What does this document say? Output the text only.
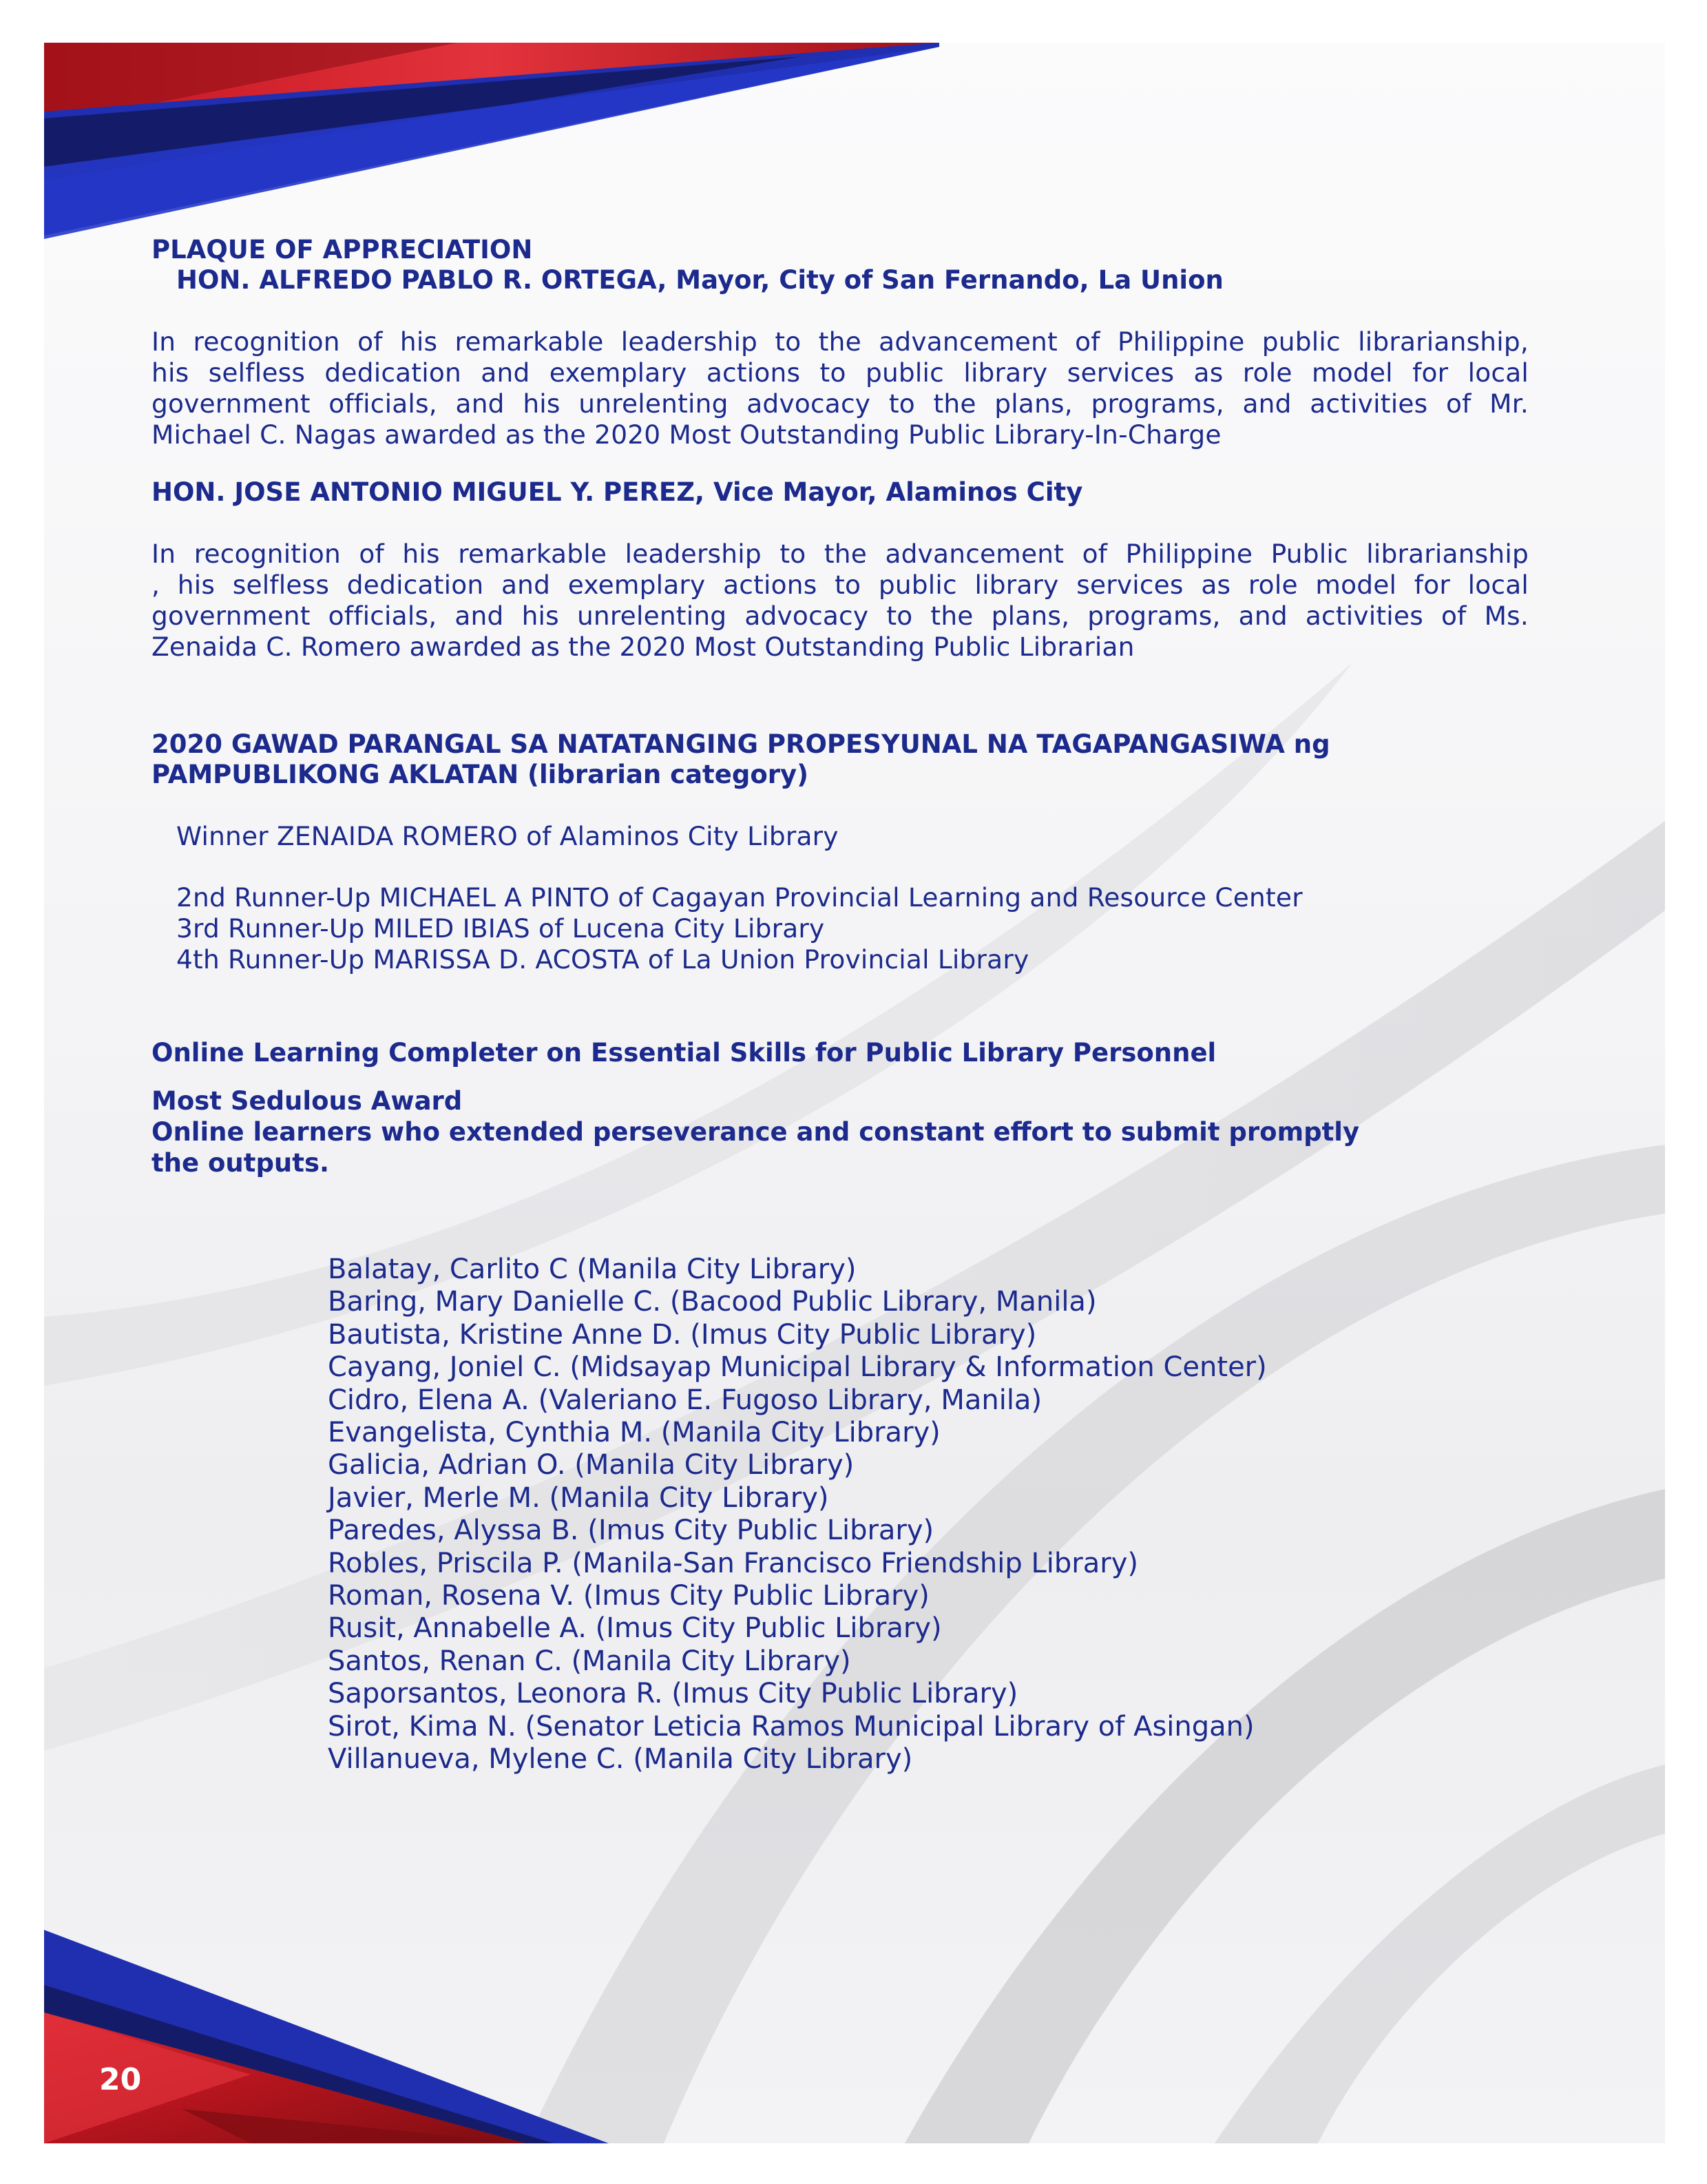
PLAQUE OF APPRECIATION

HON. ALFREDO PABLO R. ORTEGA, Mayor, City of San Fernando, La Union

In recognition of his remarkable leadership to the advancement of Philippine public librarianship,
his selfless dedication and exemplary actions to public library services as role model for local
government officials, and his unrelenting advocacy to the plans, programs, and activities of Mr.
Michael C. Nagas awarded as the 2020 Most Outstanding Public Library-In-Charge

HON. JOSE ANTONIO MIGUEL Y. PEREZ, Vice Mayor, Alaminos City

In recognition of his remarkable leadership to the advancement of Philippine Public librarianship
, his selfless dedication and exemplary actions to public library services as role model for local
government officials, and his unrelenting advocacy to the plans, programs, and activities of Ms.
Zenaida C. Romero awarded as the 2020 Most Outstanding Public Librarian

2020 GAWAD PARANGAL SA NATATANGING PROPESYUNAL NA TAGAPANGASIWA ng

PAMPUBLIKONG AKLATAN (librarian category)

Winner ZENAIDA ROMERO of Alaminos City Library

2nd Runner-Up MICHAEL A PINTO of Cagayan Provincial Learning and Resource Center

3rd Runner-Up MILED IBIAS of Lucena City Library

4th Runner-Up MARISSA D. ACOSTA of La Union Provincial Library

Online Learning Completer on Essential Skills for Public Library Personnel

Most Sedulous Award

Online learners who extended perseverance and constant effort to submit promptly

the outputs.

Balatay, Carlito C (Manila City Library)
Baring, Mary Danielle C. (Bacood Public Library, Manila)
Bautista, Kristine Anne D. (Imus City Public Library)
Cayang, Joniel C. (Midsayap Municipal Library & Information Center)
Cidro, Elena A. (Valeriano E. Fugoso Library, Manila)
Evangelista, Cynthia M. (Manila City Library)
Galicia, Adrian O. (Manila City Library)
Javier, Merle M. (Manila City Library)
Paredes, Alyssa B. (Imus City Public Library)
Robles, Priscila P. (Manila-San Francisco Friendship Library)
Roman, Rosena V. (Imus City Public Library)
Rusit, Annabelle A. (Imus City Public Library)
Santos, Renan C. (Manila City Library)
Saporsantos, Leonora R. (Imus City Public Library)
Sirot, Kima N. (Senator Leticia Ramos Municipal Library of Asingan)
Villanueva, Mylene C. (Manila City Library)
20
